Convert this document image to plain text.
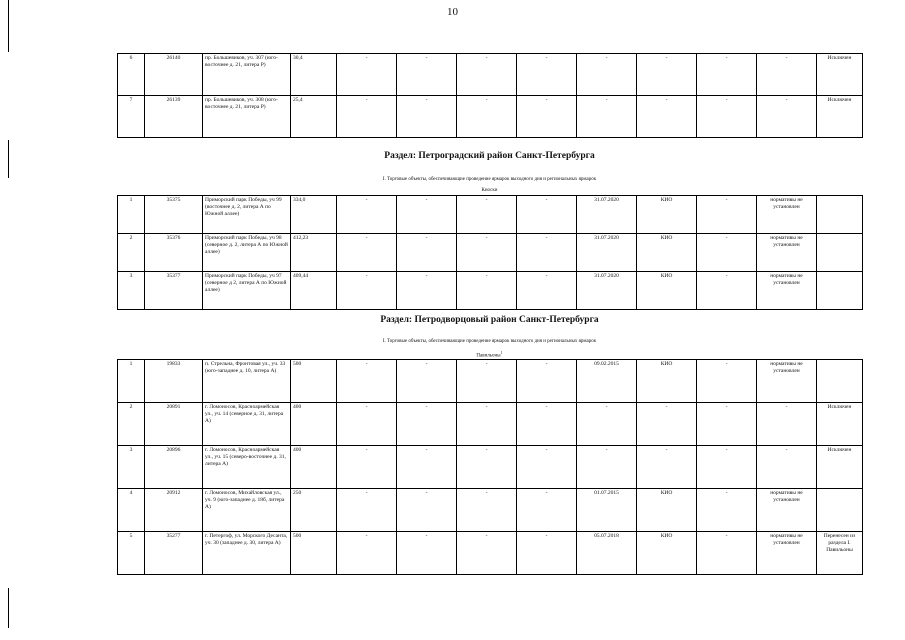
10
6	26140	пр. Большевиков, уч. 307 (юго-восточнее д. 21, литера Р)	30,4	-	-	-	-	-	-	-	-	Исключен
7	26139	пр. Большевиков, уч. 308 (юго-восточнее д. 21, литера Р)	25,4	-	-	-	-	-	-	-	-	Исключен
Раздел: Петроградский район Санкт-Петербурга
I. Торговые объекты, обеспечивающие проведение ярмарок выходного дня и региональных ярмарок
Киоски
1	35375	Приморский парк Победы, уч 99 (восточнее д. 2, литера А по Южной аллее)	334,0	-	-	-	-	31.07.2020	КИО	-	нормативы не установлен	
2	35376	Приморский парк Победы, уч 98 (северное д. 2, литера А по Южной аллее)	412,23	-	-	-	-	31.07.2020	КИО	-	нормативы не установлен	
3	35377	Приморский парк Победы, уч 97 (северное д 2, литера А по Южной аллее)	409,44	-	-	-	-	31.07.2020	КИО	-	нормативы не установлен	
Раздел: Петродворцовый район Санкт-Петербурга
I. Торговые объекты, обеспечивающие проведение ярмарок выходного дня и региональных ярмарок
Павильоны$^1$
1	19833	п. Стрельна, Фронтовая ул., уч. 33 (юго-западнее д. 10, литера А)	500	-	-	-	-	09.02.2015	КИО	-	нормативы не установлен	
2	20891	г. Ломоносов, Красноармейская ул., уч. 14 (северное д. 31, литера А)	400	-	-	-	-	-	-	-	-	Исключен
3	20896	г. Ломоносов, Красноармейская ул., уч. 15 (северо-восточнее д. 31, литера А)	400	-	-	-	-	-	-	-	-	Исключен
4	20912	г. Ломоносов, Михайловская ул., уч. 9 (юго-западнее д. 18б, литера А)	250	-	-	-	-	01.07.2015	КИО	-	нормативы не установлен	
5	35277	г. Петергоф, ул. Морского Десанта, уч. 30 (западнее д. 30, литера А)	500	-	-	-	-	05.07.2018	КИО	-	нормативы не установлен	Перенесен из раздела I. Павильоны
